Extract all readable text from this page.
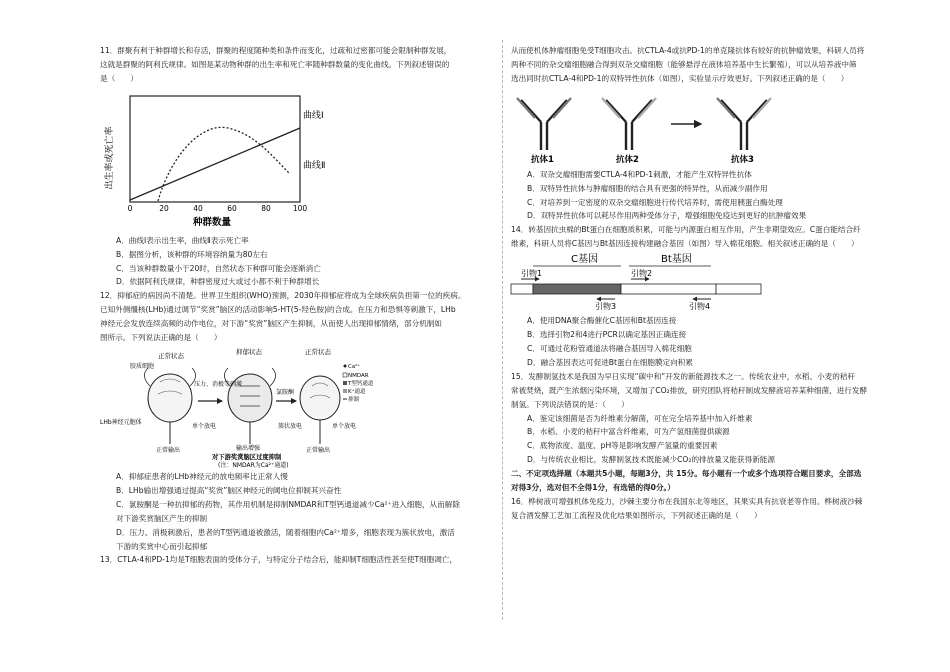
11．群聚有利于种群增长和存活，群聚的程度随种类和条件而变化，过疏和过密都可能会限制种群发展，

这就是群聚的阿利氏规律。如图是某动物种群的出生率和死亡率随种群数量的变化曲线。下列叙述错误的

是（　　）

出生率或死亡率
0	20	40	60	80	100
曲线Ⅰ
曲线Ⅱ
种群数量

A．曲线Ⅰ表示出生率，曲线Ⅱ表示死亡率

B．据图分析，该种群的环境容纳量为80左右

C．当该种群数量小于20时，自然状态下种群可能会逐渐消亡

D．依据阿利氏规律，种群密度过大或过小都不利于种群增长

12．抑郁症的病因尚不清楚。世界卫生组织(WHO)预测，2030年抑郁症将成为全球疾病负担第一位的疾病。

已知外侧缰核(LHb)通过调节“奖赏”脑区的活动影响5-HT(5-羟色胺)的合成。在压力和恐惧等刺激下，LHb

神经元会发放连续高频的动作电位，对下游“奖赏”脑区产生抑制，从而使人出现抑郁情绪，部分机制如

图所示。下列说法正确的是（　　）

正常状态	抑郁状态	正常状态
胶质细胞
压力、消极等刺激
氯胺酮
LHb神经元胞体
单个放电	簇状放电	单个放电
正常输出	输出增强	正常输出
对下游奖赏脑区过度抑制
(注：NMDAR为Ca²⁺通道)
Ca²⁺
NMDAR
T型钙通道
K⁺通道
抑制

A．抑郁症患者的LHb神经元的放电频率比正常人慢

B．LHb输出增强通过提高“奖赏”脑区神经元的阈电位抑制其兴奋性

C．氯胺酮是一种抗抑郁的药物，其作用机制是抑制NMDAR和T型钙通道减少Ca²⁺进入细胞，从而解除

对下游奖赏脑区产生的抑制

D．压力、消极刺激后，患者的T型钙通道被激活，随着细胞内Ca²⁺增多，细胞表现为簇状放电，激活

下游的奖赏中心而引起抑郁

13．CTLA-4和PD-1均是T细胞表面的受体分子，与特定分子结合后，能抑制T细胞活性甚至使T细胞凋亡，

从而使机体肿瘤细胞免受T细胞攻击。抗CTLA-4或抗PD-1的单克隆抗体有较好的抗肿瘤效果，科研人员将

两种不同的杂交瘤细胞融合得到双杂交瘤细胞（能够悬浮在液体培养基中生长繁殖），可以从培养液中筛

选出同时抗CTLA-4和PD-1的双特异性抗体（如图），实验显示疗效更好。下列叙述正确的是（　　）

抗体1	抗体2	抗体3

A．双杂交瘤细胞需要CTLA-4和PD-1刺激，才能产生双特异性抗体

B．双特异性抗体与肿瘤细胞的结合具有更强的特异性，从而减少副作用

C．对培养到一定密度的双杂交瘤细胞进行传代培养时，需使用胰蛋白酶处理

D．双特异性抗体可以耗尽作用两种受体分子，增强细胞免疫达到更好的抗肿瘤效果

14．转基因抗虫棉的Bt蛋白在细胞质积累，可能与内源蛋白相互作用，产生非期望效应。C蛋白能结合纤

维素，科研人员将C基因与Bt基因连接构建融合基因（如图）导入棉花细胞。相关叙述正确的是（　　）

C基因	Bt基因
引物1	引物2
引物3	引物4

A．使用DNA聚合酶催化C基因和Bt基因连接

B．选择引物2和4进行PCR以确定基因正确连接

C．可通过花粉管通道法将融合基因导入棉花细胞

D．融合基因表达可促进Bt蛋白在细胞膜定向积累

15．发酵制氢技术是我国为早日实现“碳中和”开发的新能源技术之一。传统农业中，水稻、小麦的秸秆

常被焚烧，既产生浓烟污染环境，又增加了CO₂排放，研究团队将秸秆制成发酵液培养某种细菌，进行发酵

制氢。下列说法错误的是：（　　）

A．鉴定该细菌是否为纤维素分解菌，可在完全培养基中加入纤维素

B．水稻、小麦的秸秆中富含纤维素，可为产氢细菌提供碳源

C．底物浓度、温度、pH等是影响发酵产氢量的重要因素

D．与传统农业相比，发酵制氢技术既能减少CO₂的排放量又能获得新能源

二、不定项选择题（本题共5小题，每题3分，共 15分。每小题有一个或多个选项符合题目要求，全部选

对得3分，选对但不全得1分，有选错的得0分。）

16．桦树液可增强机体免疫力，沙棘主要分布在我国东北等地区，其果实具有抗衰老等作用。桦树液沙棘

复合酒发酵工艺加工流程及优化结果如图所示，下列叙述正确的是（　　）
